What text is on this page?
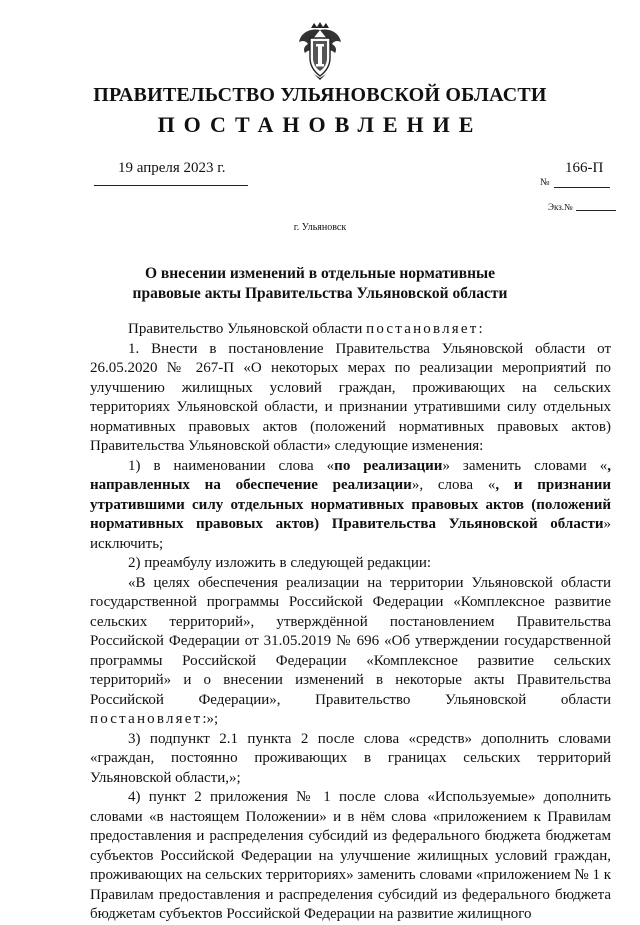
ПРАВИТЕЛЬСТВО УЛЬЯНОВСКОЙ ОБЛАСТИ
ПОСТАНОВЛЕНИЕ
19 апреля 2023 г.	166-П
№
Экз.№
г. Ульяновск
О внесении изменений в отдельные нормативные
правовые акты Правительства Ульяновской области

Правительство Ульяновской области постановляет:

1. Внести в постановление Правительства Ульяновской области от 26.05.2020 № 267-П «О некоторых мерах по реализации мероприятий по улучшению жилищных условий граждан, проживающих на сельских территориях Ульяновской области, и признании утратившими силу отдельных нормативных правовых актов (положений нормативных правовых актов) Правительства Ульяновской области» следующие изменения:

1) в наименовании слова «по реализации» заменить словами «, направленных на обеспечение реализации», слова «, и признании утратившими силу отдельных нормативных правовых актов (положений нормативных правовых актов) Правительства Ульяновской области» исключить;

2) преамбулу изложить в следующей редакции:

«В целях обеспечения реализации на территории Ульяновской области государственной программы Российской Федерации «Комплексное развитие сельских территорий», утверждённой постановлением Правительства Российской Федерации от 31.05.2019 № 696 «Об утверждении государственной программы Российской Федерации «Комплексное развитие сельских территорий» и о внесении изменений в некоторые акты Правительства Российской Федерации», Правительство Ульяновской области постановляет:»;

3) подпункт 2.1 пункта 2 после слова «средств» дополнить словами «граждан, постоянно проживающих в границах сельских территорий Ульяновской области,»;

4) пункт 2 приложения № 1 после слова «Используемые» дополнить словами «в настоящем Положении» и в нём слова «приложением к Правилам предоставления и распределения субсидий из федерального бюджета бюджетам субъектов Российской Федерации на улучшение жилищных условий граждан, проживающих на сельских территориях» заменить словами «приложением № 1 к Правилам предоставления и распределения субсидий из федерального бюджета бюджетам субъектов Российской Федерации на развитие жилищного
